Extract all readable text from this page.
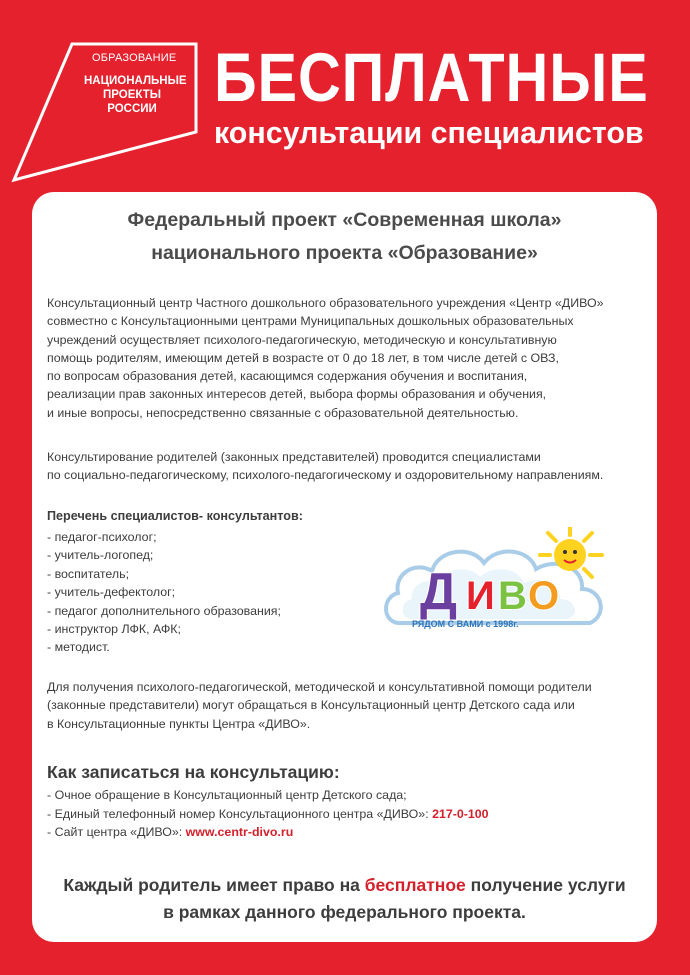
ОБРАЗОВАНИЕ
НАЦИОНАЛЬНЫЕ
ПРОЕКТЫ
РОССИИ БЕСПЛАТНЫЕ
консультации специалистов
Федеральный проект «Современная школа»
национального проекта «Образование»
Консультационный центр Частного дошкольного образовательного учреждения «Центр «ДИВО»
совместно с Консультационными центрами Муниципальных дошкольных образовательных
учреждений осуществляет психолого-педагогическую, методическую и консультативную
помощь родителям, имеющим детей в возрасте от 0 до 18 лет, в том числе детей с ОВЗ,
по вопросам образования детей, касающимся содержания обучения и воспитания,
реализации прав законных интересов детей, выбора формы образования и обучения,
и иные вопросы, непосредственно связанные с образовательной деятельностью.
Консультирование родителей (законных представителей) проводится специалистами
по социально-педагогическому, психолого-педагогическому и оздоровительному направлениям.
Перечень специалистов- консультантов:
- педагог-психолог;
- учитель-логопед;
- воспитатель;
- учитель-дефектолог;
- педагог дополнительного образования;
- инструктор ЛФК, АФК;
- методист.
Д И В О
РЯДОМ С ВАМИ с 1998г.
Для получения психолого-педагогической, методической и консультативной помощи родители
(законные представители) могут обращаться в Консультационный центр Детского сада или
в Консультационные пункты Центра «ДИВО».
Как записаться на консультацию:
- Очное обращение в Консультационный центр Детского сада;
- Единый телефонный номер Консультационного центра «ДИВО»: 217-0-100
- Сайт центра «ДИВО»: www.centr-divo.ru
Каждый родитель имеет право на бесплатное получение услуги
в рамках данного федерального проекта.
